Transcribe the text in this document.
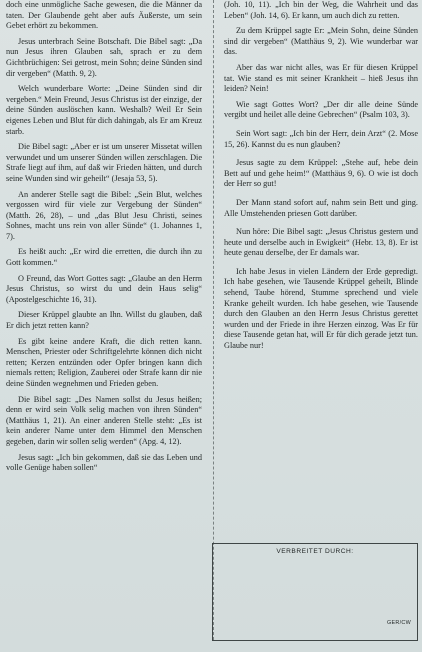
doch eine unmögliche Sache gewesen, die die Männer da taten. Der Glaubende geht aber aufs Äußerste, um sein Gebet erhört zu bekommen.

Jesus unterbrach Seine Botschaft. Die Bibel sagt: „Da nun Jesus ihren Glauben sah, sprach er zu dem Gichtbrüchigen: Sei getrost, mein Sohn; deine Sünden sind dir vergeben“ (Matth. 9, 2).

Welch wunderbare Worte: „Deine Sünden sind dir vergeben.“ Mein Freund, Jesus Christus ist der einzige, der deine Sünden auslöschen kann. Weshalb? Weil Er Sein eigenes Leben und Blut für dich dahingab, als Er am Kreuz starb.

Die Bibel sagt: „Aber er ist um unserer Missetat willen verwundet und um unserer Sünden willen zerschlagen. Die Strafe liegt auf ihm, auf daß wir Frieden hätten, und durch seine Wunden sind wir geheilt“ (Jesaja 53, 5).

An anderer Stelle sagt die Bibel: „Sein Blut, welches vergossen wird für viele zur Vergebung der Sünden“ (Matth. 26, 28), – und „das Blut Jesu Christi, seines Sohnes, macht uns rein von aller Sünde“ (1. Johannes 1, 7).

Es heißt auch: „Er wird die erretten, die durch ihn zu Gott kommen.“

O Freund, das Wort Gottes sagt: „Glaube an den Herrn Jesus Christus, so wirst du und dein Haus selig“ (Apostelgeschichte 16, 31).

Dieser Krüppel glaubte an Ihn. Willst du glauben, daß Er dich jetzt retten kann?

Es gibt keine andere Kraft, die dich retten kann. Menschen, Priester oder Schriftgelehrte können dich nicht retten; Kerzen entzünden oder Opfer bringen kann dich niemals retten; Religion, Zauberei oder Strafe kann dir nie deine Sünden wegnehmen und Frieden geben.

Die Bibel sagt: „Des Namen sollst du Jesus heißen; denn er wird sein Volk selig machen von ihren Sünden“ (Matthäus 1, 21). An einer anderen Stelle steht: „Es ist kein anderer Name unter dem Himmel den Menschen gegeben, darin wir sollen selig werden“ (Apg. 4, 12).

Jesus sagt: „Ich bin gekommen, daß sie das Leben und volle Genüge haben sollen“

(Joh. 10, 11). „Ich bin der Weg, die Wahrheit und das Leben“ (Joh. 14, 6). Er kann, um auch dich zu retten.

Zu dem Krüppel sagte Er: „Mein Sohn, deine Sünden sind dir vergeben“ (Matthäus 9, 2). Wie wunderbar war das.

Aber das war nicht alles, was Er für diesen Krüppel tat. Wie stand es mit seiner Krankheit – hieß Jesus ihn leiden? Nein!

Wie sagt Gottes Wort? „Der dir alle deine Sünde vergibt und heilet alle deine Gebrechen“ (Psalm 103, 3).

Sein Wort sagt: „Ich bin der Herr, dein Arzt“ (2. Mose 15, 26). Kannst du es nun glauben?

Jesus sagte zu dem Krüppel: „Stehe auf, hebe dein Bett auf und gehe heim!“ (Matthäus 9, 6). O wie ist doch der Herr so gut!

Der Mann stand sofort auf, nahm sein Bett und ging. Alle Umstehenden priesen Gott darüber.

Nun höre: Die Bibel sagt: „Jesus Christus gestern und heute und derselbe auch in Ewigkeit“ (Hebr. 13, 8). Er ist heute genau derselbe, der Er damals war.

Ich habe Jesus in vielen Ländern der Erde gepredigt. Ich habe gesehen, wie Tausende Krüppel geheilt, Blinde sehend, Taube hörend, Stumme sprechend und viele Kranke geheilt wurden. Ich habe gesehen, wie Tausende durch den Glauben an den Herrn Jesus Christus gerettet wurden und der Friede in ihre Herzen einzog. Was Er für diese Tausende getan hat, will Er für dich gerade jetzt tun. Glaube nur!

VERBREITET DURCH:
GER/CW
